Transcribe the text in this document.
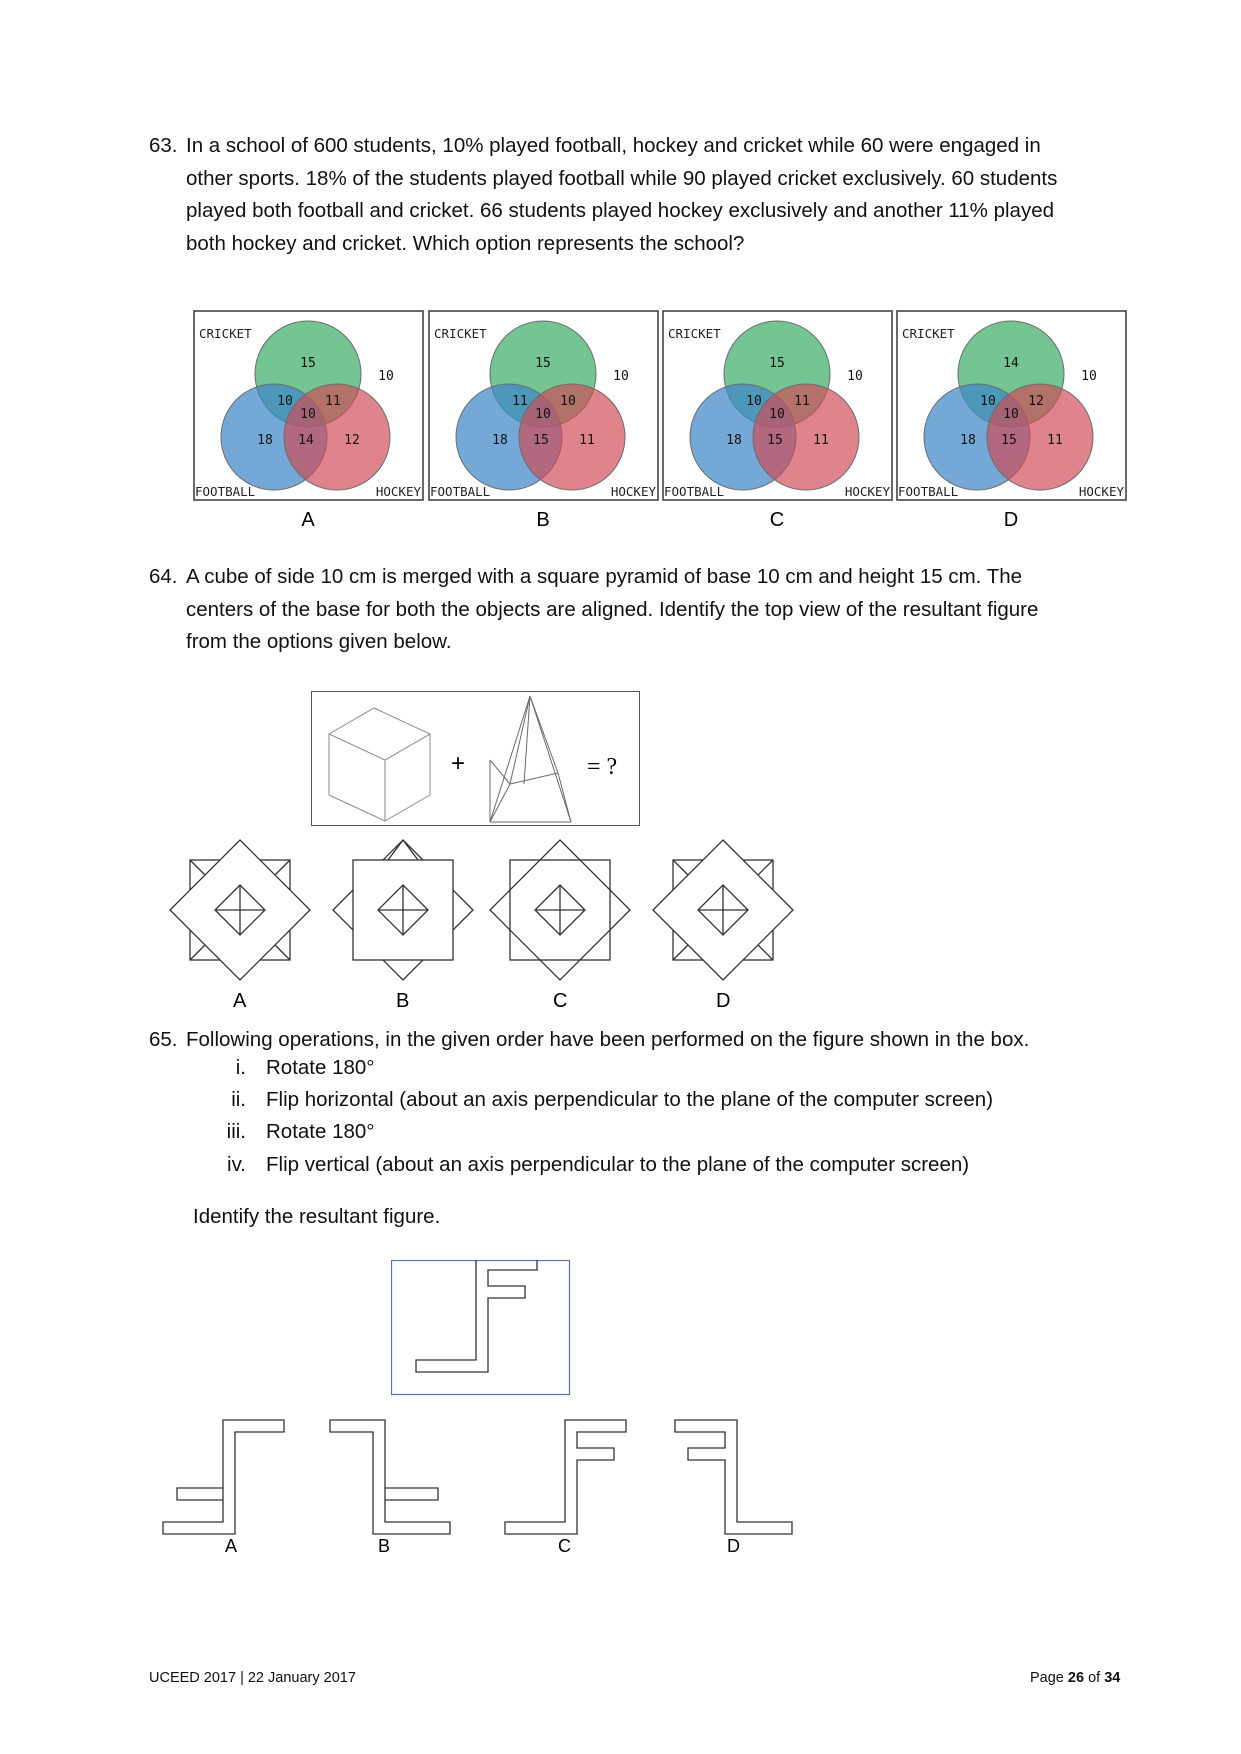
63. In a school of 600 students, 10% played football, hockey and cricket while 60 were engaged in
other sports. 18% of the students played football while 90 played cricket exclusively. 60 students
played both football and cricket. 66 students played hockey exclusively and another 11% played
both hockey and cricket. Which option represents the school?
CRICKET
FOOTBALL	HOCKEY
15
10
10 11
10
18 14 12
A
CRICKET
FOOTBALL	HOCKEY
15
10
11 10
10
18 15 11
B
CRICKET
FOOTBALL	HOCKEY
15
10
10 11
10
18 15 11
C
CRICKET
FOOTBALL	HOCKEY
14
10
10 12
10
18 15 11
D
64. A cube of side 10 cm is merged with a square pyramid of base 10 cm and height 15 cm. The
centers of the base for both the objects are aligned. Identify the top view of the resultant figure
from the options given below.
+	= ?
A	B	C	D
65. Following operations, in the given order have been performed on the figure shown in the box.
i. Rotate 180°
ii. Flip horizontal (about an axis perpendicular to the plane of the computer screen)
iii. Rotate 180°
iv. Flip vertical (about an axis perpendicular to the plane of the computer screen)
Identify the resultant figure.
A	B	C	D
UCEED 2017 | 22 January 2017	Page 26 of 34
